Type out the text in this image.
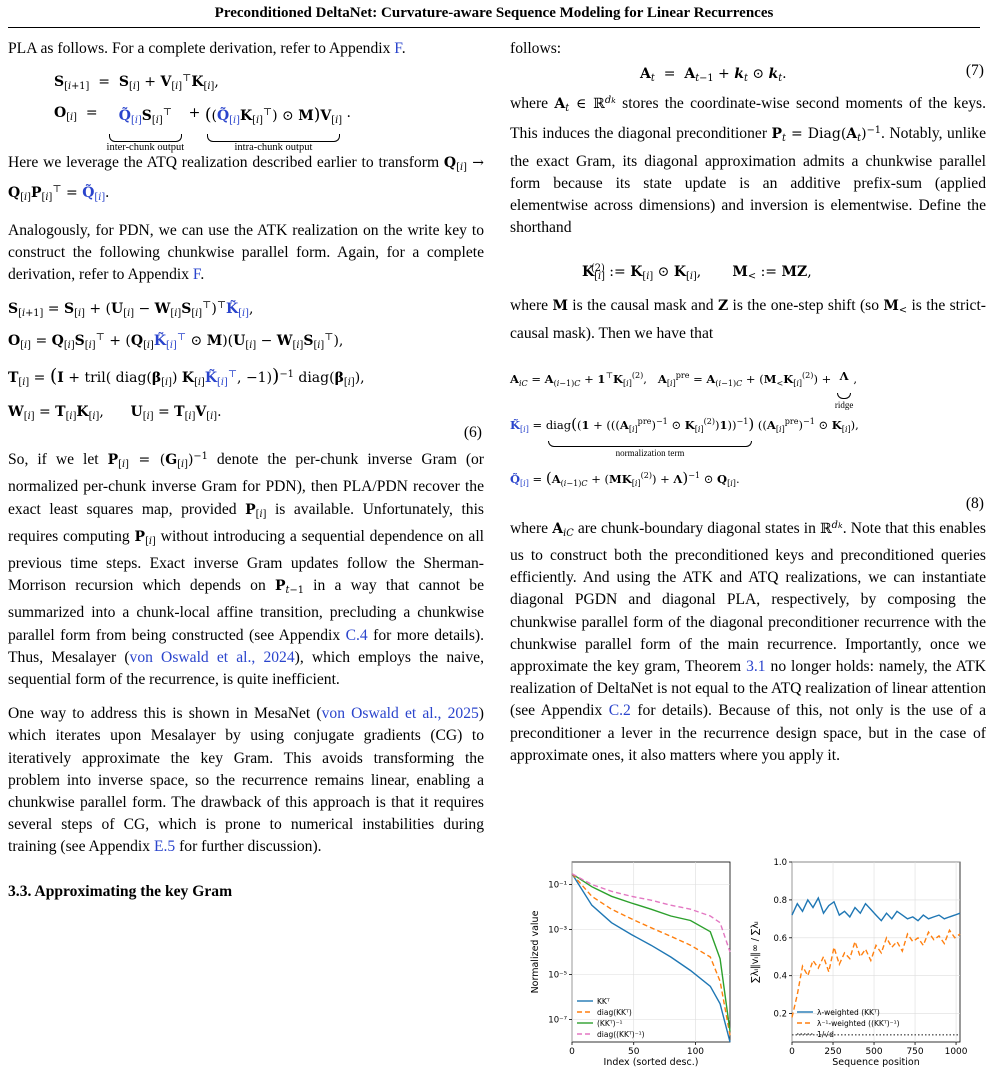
Preconditioned DeltaNet: Curvature-aware Sequence Modeling for Linear Recurrences

PLA as follows. For a complete derivation, refer to Appendix F.

$S_{[i+1]} = S_{[i]} + V_{[i]}^⊤K_{[i]}$,
$O_{[i]}$  =  $Q̃_{[i]}S_{[i]}^⊤$
inter-chunk output
+ ($(Q̃_{[i]}K_{[i]}^⊤)$ ⊙ $M)V_{[i]}$
intra-chunk output
.

Here we leverage the ATQ realization described earlier to transform $Q_{[i]} \to Q_{[i]}P_{[i]}^⊤$ = $Q̃_{[i]}$.

Analogously, for PDN, we can use the ATK realization on the write key to construct the following chunkwise parallel form. Again, for a complete derivation, refer to Appendix F.

$S_{[i+1]} = S_{[i]} + (U_{[i]}$ − $W_{[i]}S_{[i]}^⊤)^⊤K̃_{[i]}$,
$O_{[i]} = Q_{[i]}S_{[i]}^⊤$ + ($Q_{[i]}K̃_{[i]}^⊤$ ⊙ $M)(U_{[i]} - W_{[i]}S_{[i]}^⊤)$,
$T_{[i]} = (I$ + tril( $diag(\beta_{[i]})$ $K_{[i]}K̃_{[i]}^⊤$, −1))$^{-1}$ $diag(\beta_{[i]})$,
$W_{[i]} = T_{[i]}K_{[i]}$,      $U_{[i]} = T_{[i]}V_{[i]}$.
(6)

So, if we let $P_{[i]} = (G_{[i]})^{-1}$ denote the per-chunk inverse Gram (or normalized per-chunk inverse Gram for PDN), then PLA/PDN recover the exact least squares map, provided $P_{[i]}$ is available. Unfortunately, this requires computing $P_{[i]}$ without introducing a sequential dependence on all previous time steps. Exact inverse Gram updates follow the Sherman-Morrison recursion which depends on $P_{t-1}$ in a way that cannot be summarized into a chunk-local affine transition, precluding a chunkwise parallel form from being constructed (see Appendix C.4 for more details). Thus, Mesalayer (von Oswald et al., 2024), which employs the naive, sequential form of the recurrence, is quite inefficient.

One way to address this is shown in MesaNet (von Oswald et al., 2025) which iterates upon Mesalayer by using conjugate gradients (CG) to iteratively approximate the key Gram. This avoids transforming the problem into inverse space, so the recurrence remains linear, enabling a chunkwise parallel form. The drawback of this approach is that it requires several steps of CG, which is prone to numerical instabilities during training (see Appendix E.5 for further discussion).

3.3. Approximating the key Gram

follows:

$A_t = A_{t-1} + k_t$ ⊙ $k_t$.	(7)

where $A_t$ ∈ ℝ$^{dk}$ stores the coordinate-wise second moments of the keys. This induces the diagonal preconditioner $P_t$ = $Diag(A_t)^{-1}$. Notably, unlike the exact Gram, its diagonal approximation admits a chunkwise parallel form because its state update is an additive prefix-sum (applied elementwise across dimensions) and inversion is elementwise. Define the shorthand

$K_{[i]}^{(2)}$ := $K_{[i]}$ ⊙ $K_{[i]}$,       $M_<$ := MZ,

where M is the causal mask and Z is the one-step shift (so $M_<$ is the strict-causal mask). Then we have that

$A_{iC} = A_{(i-1)C} + 1^⊤K_{[i]}^{(2)}$,   $A_{[i]}^{pre} = A_{(i-1)C} + (M_<K_{[i]}^{(2)}) + \Lambda$
ridge
,
$K̃_{[i]}$ = diag((1 + (($(A_{[i]}^{pre})^{-1}$ ⊙ $K_{[i]}^{(2)})1))^{-1}$)
normalization term
($(A_{[i]}^{pre})^{-1}$ ⊙ $K_{[i]}$),
$Q̃_{[i]} = (A_{(i-1)C} + (MK_{[i]}^{(2)}) + \Lambda)^{-1}$ ⊙ $Q_{[i]}$.
(8)

where $A_{iC}$ are chunk-boundary diagonal states in ℝ$^{dk}$. Note that this enables us to construct both the preconditioned keys and preconditioned queries efficiently. And using the ATK and ATQ realizations, we can instantiate diagonal PGDN and diagonal PLA, respectively, by composing the chunkwise parallel form of the diagonal preconditioner recurrence with the chunkwise parallel form of the main recurrence. Importantly, once we approximate the key gram, Theorem 3.1 no longer holds: namely, the ATK realization of DeltaNet is not equal to the ATQ realization of linear attention (see Appendix C.2 for details). Because of this, not only is the use of a preconditioner a lever in the recurrence design space, but in the case of approximate ones, it also matters where you apply it.

0	50	100
10⁻¹
10⁻³
10⁻⁵
10⁻⁷
Index (sorted desc.)
Normalized value
KKᵀ
diag(KKᵀ)
(KKᵀ)⁻¹
diag((KKᵀ)⁻¹)
0	250	500	750 1000
0.2
0.4
0.6
0.8
1.0
Sequence position
∑λᵢ‖vᵢ‖∞ / ∑λᵢ
λ-weighted (KKᵀ)
λ⁻¹-weighted ((KKᵀ)⁻¹)
1/√d
